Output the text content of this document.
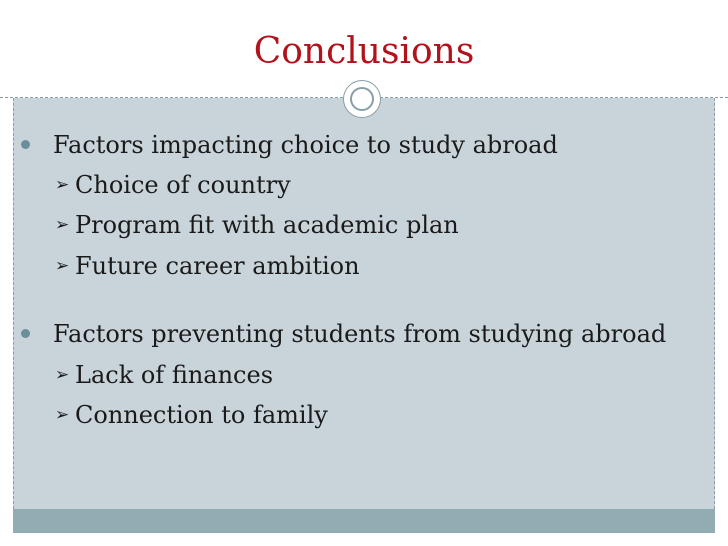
Conclusions
Factors impacting choice to study abroad
➢ Choice of country
➢ Program fit with academic plan
➢ Future career ambition
Factors preventing students from studying abroad
➢ Lack of finances
➢ Connection to family
